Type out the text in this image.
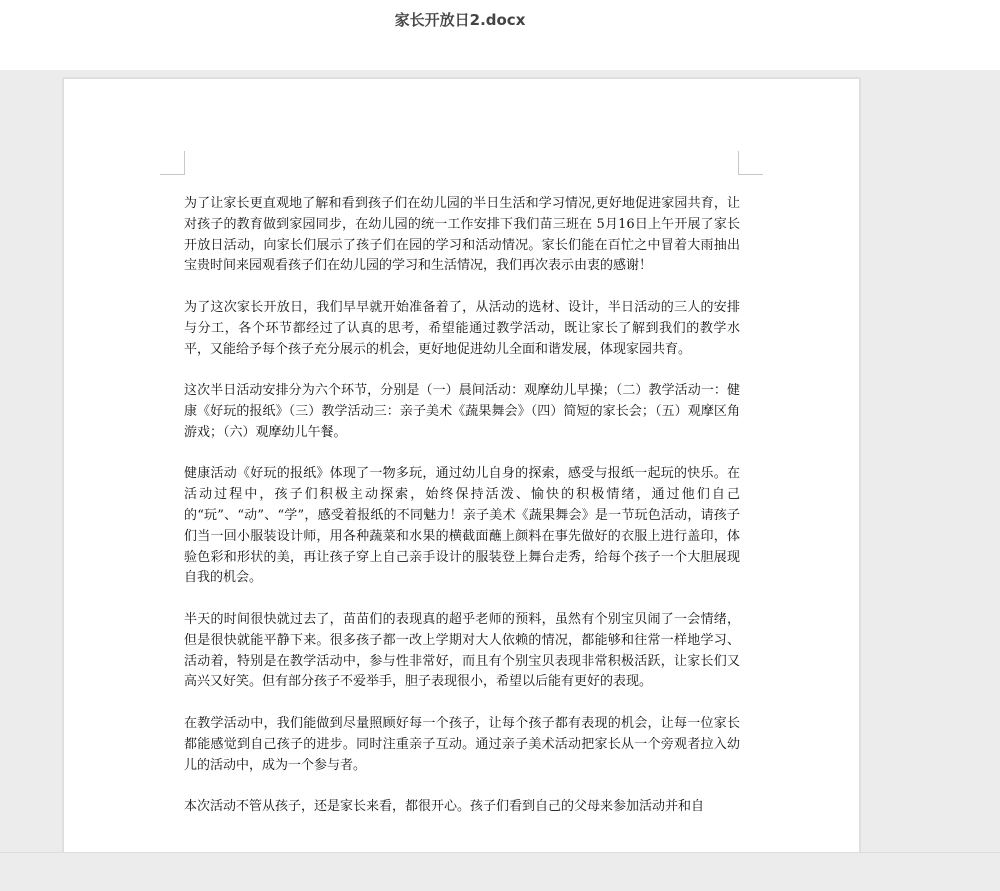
家长开放日2.docx

为了让家长更直观地了解和看到孩子们在幼儿园的半日生活和学习情况,更好地促进家园共育，让对孩子的教育做到家园同步，在幼儿园的统一工作安排下我们苗三班在 5月16日上午开展了家长开放日活动，向家长们展示了孩子们在园的学习和活动情况。家长们能在百忙之中冒着大雨抽出宝贵时间来园观看孩子们在幼儿园的学习和生活情况，我们再次表示由衷的感谢！

为了这次家长开放日，我们早早就开始准备着了，从活动的选材、设计，半日活动的三人的安排与分工，各个环节都经过了认真的思考，希望能通过教学活动，既让家长了解到我们的教学水平，又能给予每个孩子充分展示的机会，更好地促进幼儿全面和谐发展，体现家园共育。

这次半日活动安排分为六个环节，分别是（一）晨间活动：观摩幼儿早操；（二）教学活动一：健康《好玩的报纸》（三）教学活动三：亲子美术《蔬果舞会》（四）简短的家长会；（五）观摩区角游戏；（六）观摩幼儿午餐。

健康活动《好玩的报纸》体现了一物多玩，通过幼儿自身的探索，感受与报纸一起玩的快乐。在活动过程中，孩子们积极主动探索，始终保持活泼、愉快的积极情绪，通过他们自己的“玩”、“动”、“学”，感受着报纸的不同魅力！亲子美术《蔬果舞会》是一节玩色活动，请孩子们当一回小服装设计师，用各种蔬菜和水果的横截面蘸上颜料在事先做好的衣服上进行盖印，体验色彩和形状的美，再让孩子穿上自己亲手设计的服装登上舞台走秀，给每个孩子一个大胆展现自我的机会。

半天的时间很快就过去了，苗苗们的表现真的超乎老师的预料，虽然有个别宝贝闹了一会情绪，但是很快就能平静下来。很多孩子都一改上学期对大人依赖的情况，都能够和往常一样地学习、活动着，特别是在教学活动中，参与性非常好，而且有个别宝贝表现非常积极活跃，让家长们又高兴又好笑。但有部分孩子不爱举手，胆子表现很小，希望以后能有更好的表现。

在教学活动中，我们能做到尽量照顾好每一个孩子，让每个孩子都有表现的机会，让每一位家长都能感觉到自己孩子的进步。同时注重亲子互动。通过亲子美术活动把家长从一个旁观者拉入幼儿的活动中，成为一个参与者。

本次活动不管从孩子，还是家长来看，都很开心。孩子们看到自己的父母来参加活动并和自
